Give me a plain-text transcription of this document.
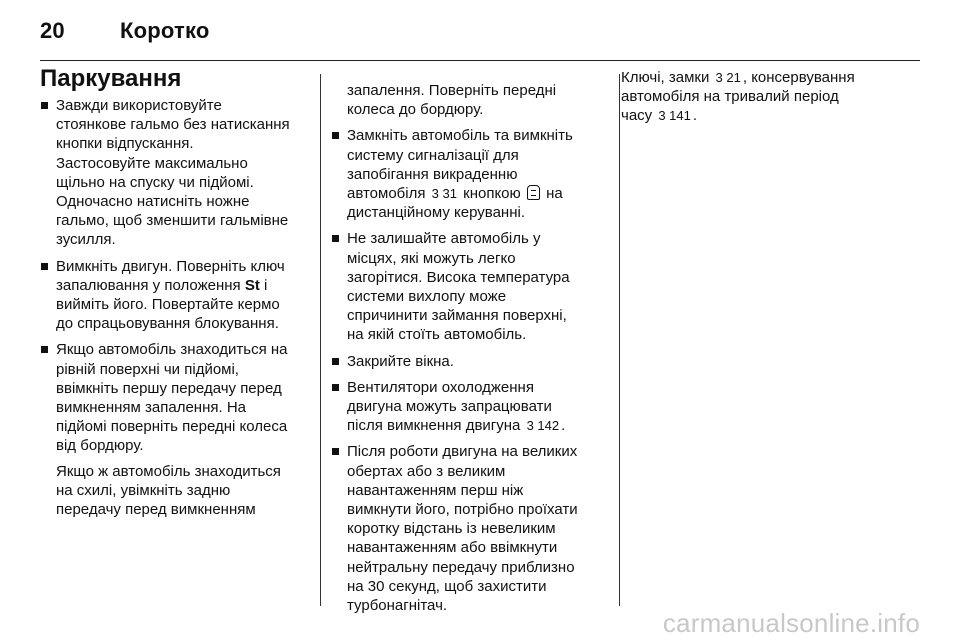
20	Коротко
Паркування

Завжди використовуйте
стоянкове гальмо без натискання
кнопки відпускання.
Застосовуйте максимально
щільно на спуску чи підйомі.
Одночасно натисніть ножне
гальмо, щоб зменшити гальмівне
зусилля.

Вимкніть двигун. Поверніть ключ
запалювання у положення St і
вийміть його. Повертайте кермо
до спрацьовування блокування.

Якщо автомобіль знаходиться на
рівній поверхні чи підйомі,
ввімкніть першу передачу перед
вимкненням запалення. На
підйомі поверніть передні колеса
від бордюру.

Якщо ж автомобіль знаходиться
на схилі, увімкніть задню
передачу перед вимкненням

запалення. Поверніть передні
колеса до бордюру.

Замкніть автомобіль та вимкніть
систему сигналізації для
запобігання викраденню
автомобіля 3 31 кнопкою  на
дистанційному керуванні.

Не залишайте автомобіль у
місцях, які можуть легко
загорітися. Висока температура
системи вихлопу може
спричинити займання поверхні,
на якій стоїть автомобіль.

Закрийте вікна.

Вентилятори охолодження
двигуна можуть запрацювати
після вимкнення двигуна 3 142 .

Після роботи двигуна на великих
обертах або з великим
навантаженням перш ніж
вимкнути його, потрібно проїхати
коротку відстань із невеликим
навантаженням або ввімкнути
нейтральну передачу приблизно
на 30 секунд, щоб захистити
турбонагнітач.

Ключі, замки 3 21 , консервування
автомобіля на тривалий період
часу 3 141 .

carmanualsonline.info
